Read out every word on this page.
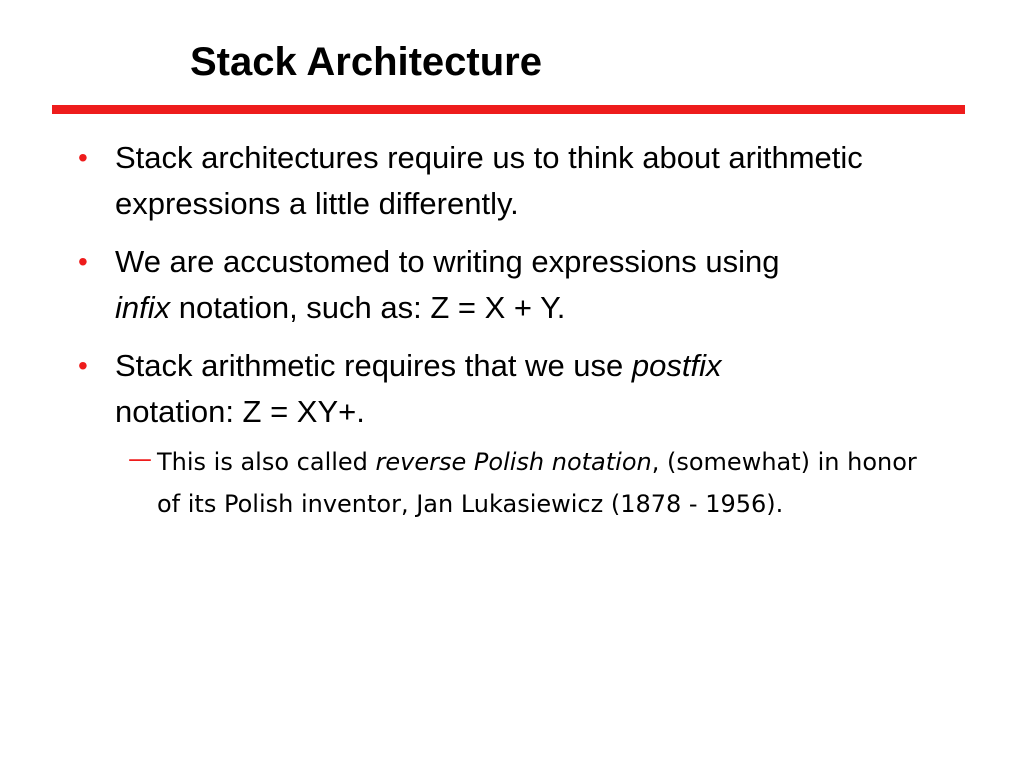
Stack Architecture
• Stack architectures require us to think about arithmetic expressions a little differently.
• We are accustomed to writing expressions using
infix notation, such as: Z = X + Y.
• Stack arithmetic requires that we use postfix
notation: Z = XY+.
— This is also called reverse Polish notation, (somewhat) in honor of its Polish inventor, Jan Lukasiewicz (1878 - 1956).
